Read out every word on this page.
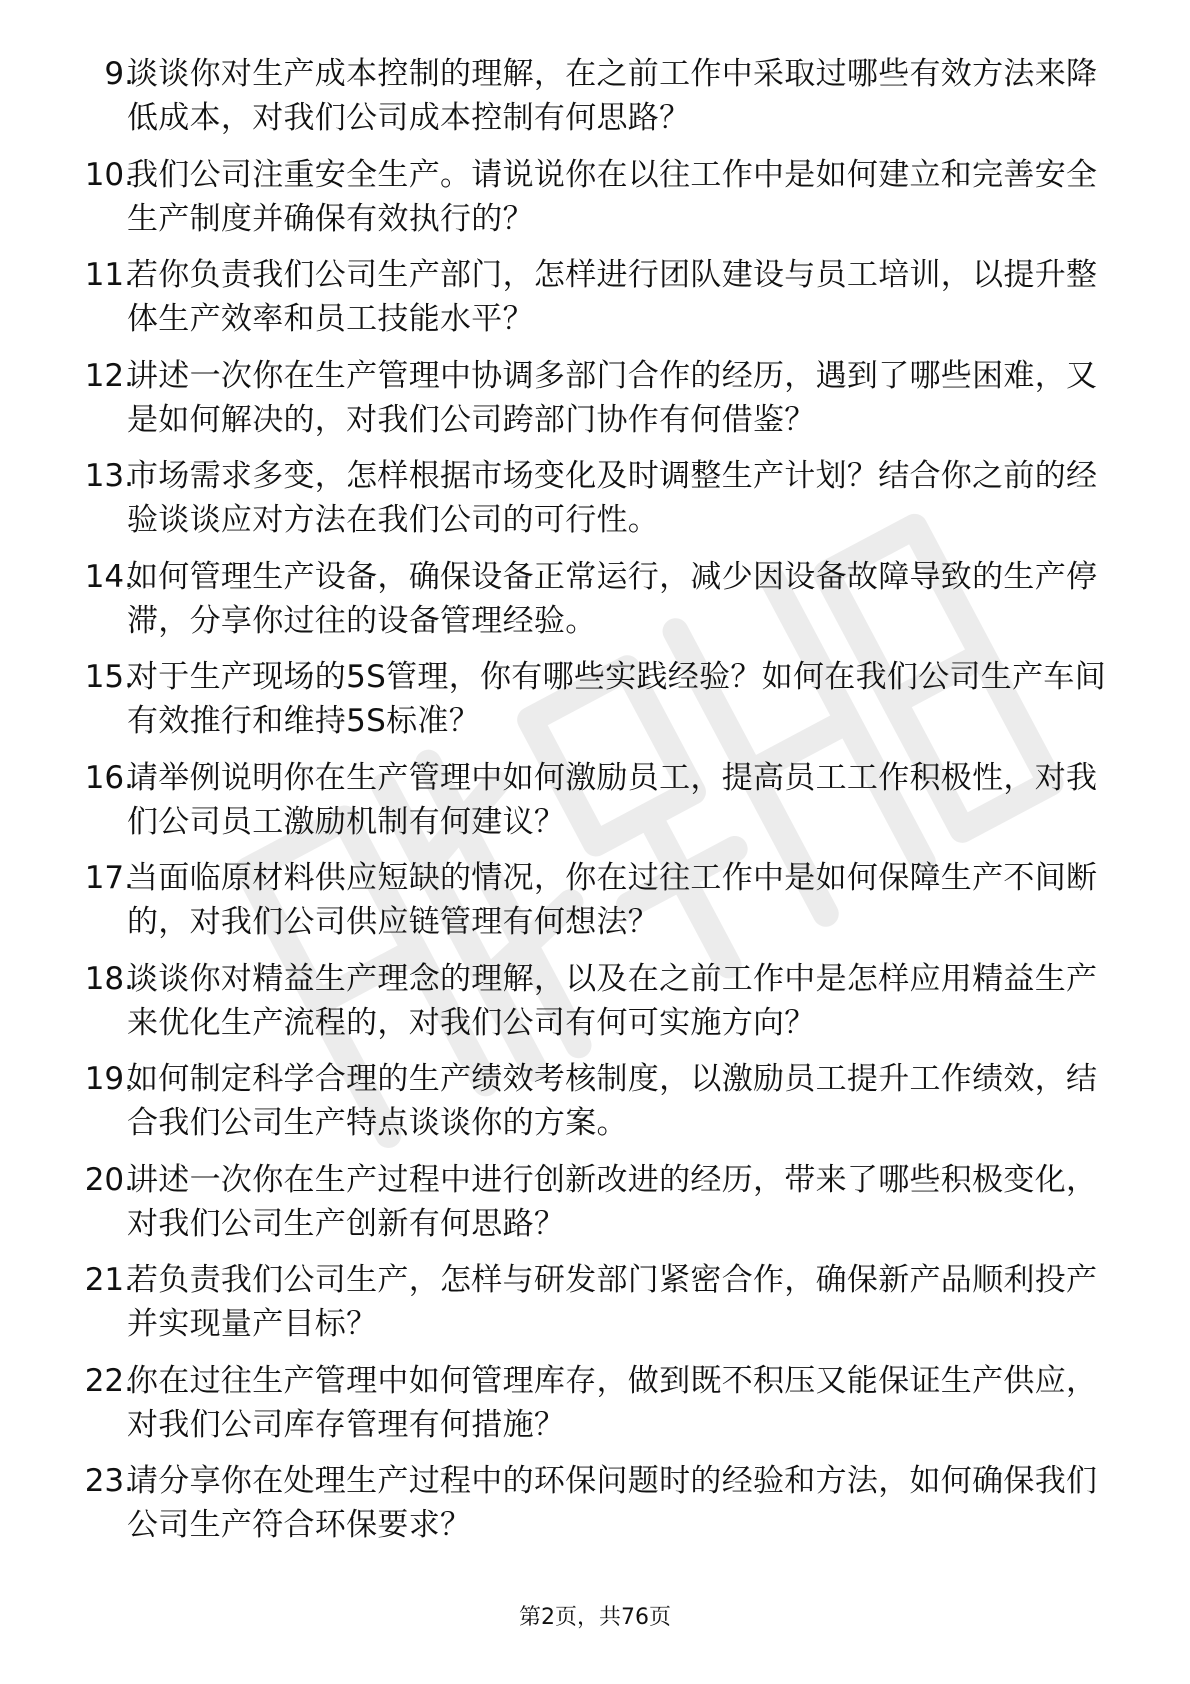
9.
谈谈你对生产成本控制的理解，在之前工作中采取过哪些有效方法来降低成本，对我们公司成本控制有何思路？
10.
我们公司注重安全生产。请说说你在以往工作中是如何建立和完善安全生产制度并确保有效执行的？
11.
若你负责我们公司生产部门，怎样进行团队建设与员工培训，以提升整体生产效率和员工技能水平？
12.
讲述一次你在生产管理中协调多部门合作的经历，遇到了哪些困难，又是如何解决的，对我们公司跨部门协作有何借鉴？
13.
市场需求多变，怎样根据市场变化及时调整生产计划？结合你之前的经验谈谈应对方法在我们公司的可行性。
14.
如何管理生产设备，确保设备正常运行，减少因设备故障导致的生产停滞，分享你过往的设备管理经验。
15.
对于生产现场的5S管理，你有哪些实践经验？如何在我们公司生产车间有效推行和维持5S标准？
16.
请举例说明你在生产管理中如何激励员工，提高员工工作积极性，对我们公司员工激励机制有何建议？
17.
当面临原材料供应短缺的情况，你在过往工作中是如何保障生产不间断的，对我们公司供应链管理有何想法？
18.
谈谈你对精益生产理念的理解，以及在之前工作中是怎样应用精益生产来优化生产流程的，对我们公司有何可实施方向？
19.
如何制定科学合理的生产绩效考核制度，以激励员工提升工作绩效，结合我们公司生产特点谈谈你的方案。
20.
讲述一次你在生产过程中进行创新改进的经历，带来了哪些积极变化，对我们公司生产创新有何思路？
21.
若负责我们公司生产，怎样与研发部门紧密合作，确保新产品顺利投产并实现量产目标？
22.
你在过往生产管理中如何管理库存，做到既不积压又能保证生产供应，对我们公司库存管理有何措施？
23.
请分享你在处理生产过程中的环保问题时的经验和方法，如何确保我们公司生产符合环保要求？
第2页，共76页
